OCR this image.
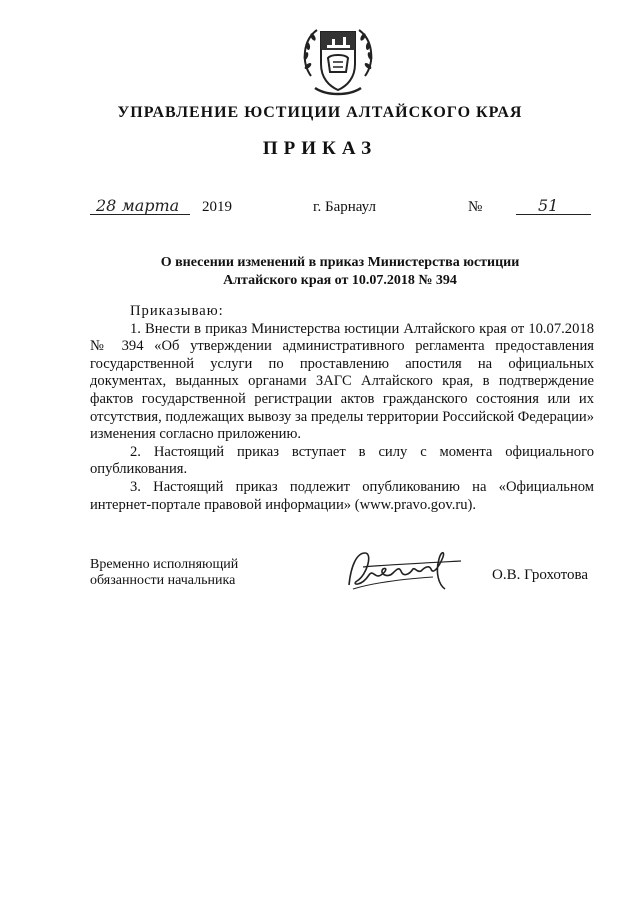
УПРАВЛЕНИЕ ЮСТИЦИИ АЛТАЙСКОГО КРАЯ
ПРИКАЗ
28 марта 2019	г. Барнаул	№	51
О внесении изменений в приказ Министерства юстиции
Алтайского края от 10.07.2018 № 394

Приказываю:

1. Внести в приказ Министерства юстиции Алтайского края от 10.07.2018 № 394 «Об утверждении административного регламента предоставления государственной услуги по проставлению апостиля на официальных документах, выданных органами ЗАГС Алтайского края, в подтверждение фактов государственной регистрации актов гражданского состояния или их отсутствия, подлежащих вывозу за пределы территории Российской Федерации» изменения согласно приложению.

2. Настоящий приказ вступает в силу с момента официального опубликования.

3. Настоящий приказ подлежит опубликованию на «Официальном интернет-портале правовой информации» (www.pravo.gov.ru).

Временно исполняющий
обязанности начальника	О.В. Грохотова
